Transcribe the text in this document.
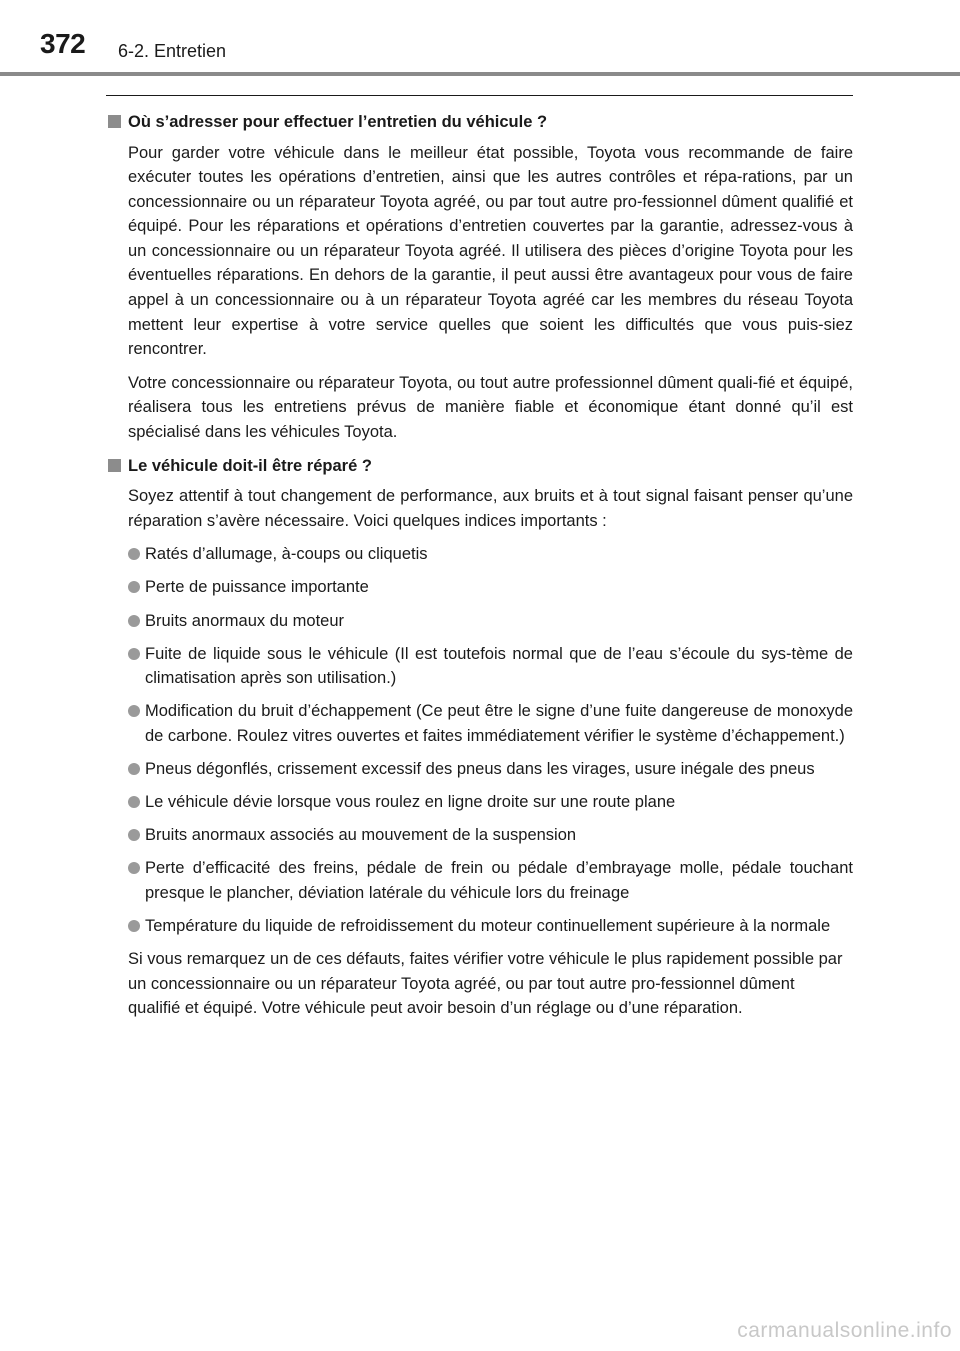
372 6-2. Entretien
Où s’adresser pour effectuer l’entretien du véhicule ?

Pour garder votre véhicule dans le meilleur état possible, Toyota vous recommande de faire exécuter toutes les opérations d’entretien, ainsi que les autres contrôles et répa-rations, par un concessionnaire ou un réparateur Toyota agréé, ou par tout autre pro-fessionnel dûment qualifié et équipé. Pour les réparations et opérations d’entretien couvertes par la garantie, adressez-vous à un concessionnaire ou un réparateur Toyota agréé. Il utilisera des pièces d’origine Toyota pour les éventuelles réparations. En dehors de la garantie, il peut aussi être avantageux pour vous de faire appel à un concessionnaire ou à un réparateur Toyota agréé car les membres du réseau Toyota mettent leur expertise à votre service quelles que soient les difficultés que vous puis-siez rencontrer.

Votre concessionnaire ou réparateur Toyota, ou tout autre professionnel dûment quali-fié et équipé, réalisera tous les entretiens prévus de manière fiable et économique étant donné qu’il est spécialisé dans les véhicules Toyota.

Le véhicule doit-il être réparé ?

Soyez attentif à tout changement de performance, aux bruits et à tout signal faisant penser qu’une réparation s’avère nécessaire. Voici quelques indices importants :

Ratés d’allumage, à-coups ou cliquetis
Perte de puissance importante
Bruits anormaux du moteur
Fuite de liquide sous le véhicule (Il est toutefois normal que de l’eau s’écoule du sys-tème de climatisation après son utilisation.)
Modification du bruit d’échappement (Ce peut être le signe d’une fuite dangereuse de monoxyde de carbone. Roulez vitres ouvertes et faites immédiatement vérifier le système d’échappement.)
Pneus dégonflés, crissement excessif des pneus dans les virages, usure inégale des pneus
Le véhicule dévie lorsque vous roulez en ligne droite sur une route plane
Bruits anormaux associés au mouvement de la suspension
Perte d’efficacité des freins, pédale de frein ou pédale d’embrayage molle, pédale touchant presque le plancher, déviation latérale du véhicule lors du freinage
Température du liquide de refroidissement du moteur continuellement supérieure à la normale

Si vous remarquez un de ces défauts, faites vérifier votre véhicule le plus rapidement possible par un concessionnaire ou un réparateur Toyota agréé, ou par tout autre pro-fessionnel dûment qualifié et équipé. Votre véhicule peut avoir besoin d’un réglage ou d’une réparation.

carmanualsonline.info
